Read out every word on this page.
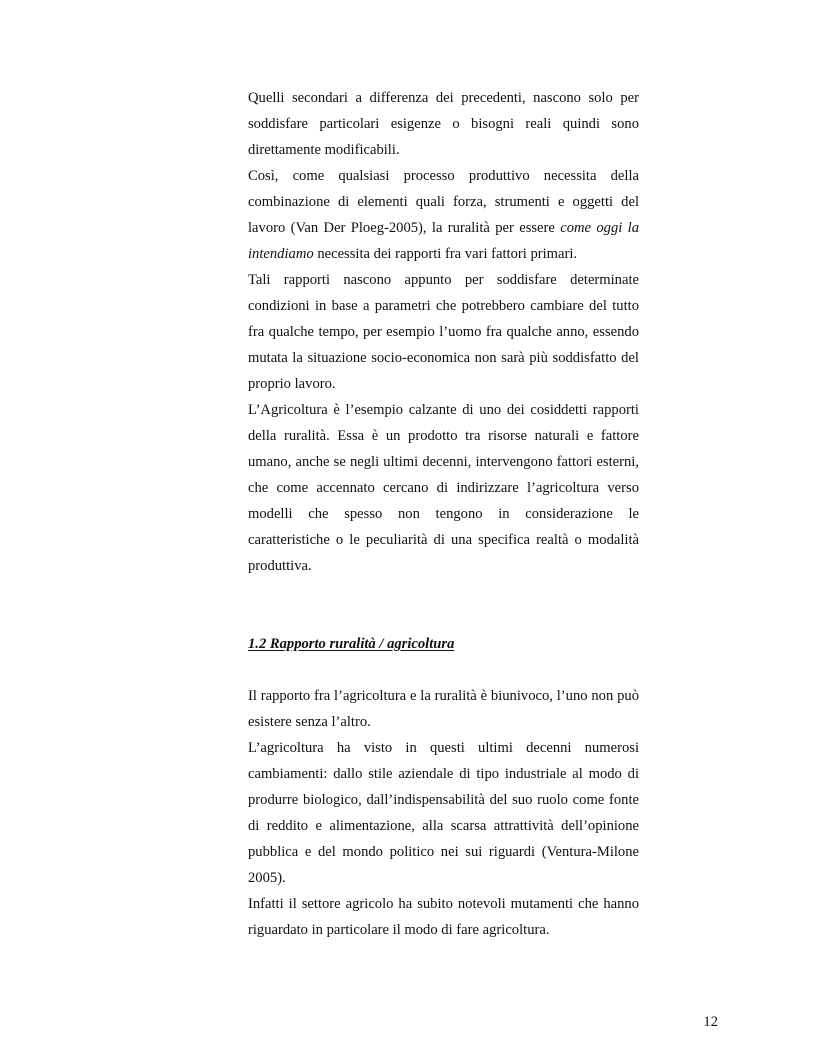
Quelli secondari a differenza dei precedenti, nascono solo per soddisfare particolari esigenze o bisogni reali quindi sono direttamente modificabili.

Così, come qualsiasi processo produttivo necessita della combinazione di elementi quali forza, strumenti e oggetti del lavoro (Van Der Ploeg-2005), la ruralità per essere come oggi la intendiamo necessita dei rapporti fra vari fattori primari.

Tali rapporti nascono appunto per soddisfare determinate condizioni in base a parametri che potrebbero cambiare del tutto fra qualche tempo, per esempio l’uomo fra qualche anno, essendo mutata la situazione socio-economica non sarà più soddisfatto del proprio lavoro.

L’Agricoltura è l’esempio calzante di uno dei cosiddetti rapporti della ruralità. Essa è un prodotto tra risorse naturali e fattore umano, anche se negli ultimi decenni, intervengono fattori esterni, che come accennato cercano di indirizzare l’agricoltura verso modelli che spesso non tengono in considerazione le caratteristiche o le peculiarità di una specifica realtà o modalità produttiva.

1.2 Rapporto ruralità / agricoltura

Il rapporto fra l’agricoltura e la ruralità è biunivoco, l’uno non può esistere senza l’altro.

L’agricoltura ha visto in questi ultimi decenni numerosi cambiamenti: dallo stile aziendale di tipo industriale al modo di produrre biologico, dall’indispensabilità del suo ruolo come fonte di reddito e alimentazione, alla scarsa attrattività dell’opinione pubblica e del mondo politico nei sui riguardi (Ventura-Milone 2005).

Infatti il settore agricolo ha subito notevoli mutamenti che hanno riguardato in particolare il modo di fare agricoltura.

12
